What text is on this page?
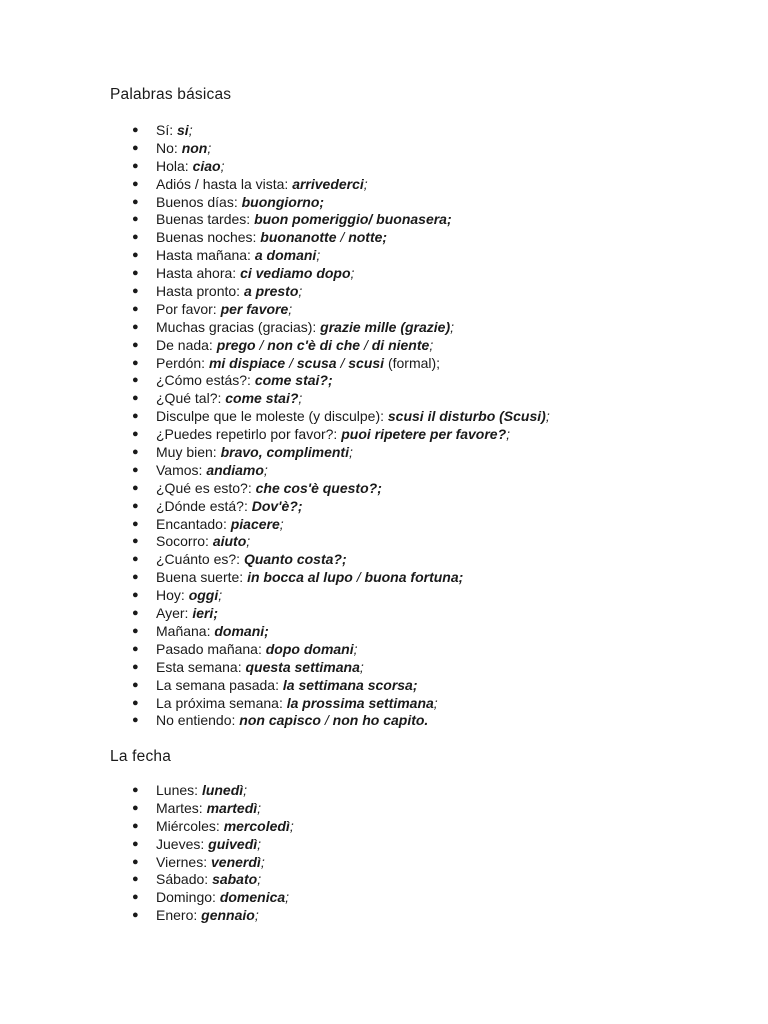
Palabras básicas
● Sí: si;
● No: non;
● Hola: ciao;
● Adiós / hasta la vista: arrivederci;
● Buenos días: buongiorno;
● Buenas tardes: buon pomeriggio/ buonasera;
● Buenas noches: buonanotte / notte;
● Hasta mañana: a domani;
● Hasta ahora: ci vediamo dopo;
● Hasta pronto: a presto;
● Por favor: per favore;
● Muchas gracias (gracias): grazie mille (grazie);
● De nada: prego / non c'è di che / di niente;
● Perdón: mi dispiace / scusa / scusi (formal);
● ¿Cómo estás?: come stai?;
● ¿Qué tal?: come stai?;
● Disculpe que le moleste (y disculpe): scusi il disturbo (Scusi);
● ¿Puedes repetirlo por favor?: puoi ripetere per favore?;
● Muy bien: bravo, complimenti;
● Vamos: andiamo;
● ¿Qué es esto?: che cos'è questo?;
● ¿Dónde está?: Dov'è?;
● Encantado: piacere;
● Socorro: aiuto;
● ¿Cuánto es?: Quanto costa?;
● Buena suerte: in bocca al lupo / buona fortuna;
● Hoy: oggi;
● Ayer: ieri;
● Mañana: domani;
● Pasado mañana: dopo domani;
● Esta semana: questa settimana;
● La semana pasada: la settimana scorsa;
● La próxima semana: la prossima settimana;
● No entiendo: non capisco / non ho capito.
La fecha
● Lunes: lunedì;
● Martes: martedì;
● Miércoles: mercoledì;
● Jueves: guivedì;
● Viernes: venerdì;
● Sábado: sabato;
● Domingo: domenica;
● Enero: gennaio;
